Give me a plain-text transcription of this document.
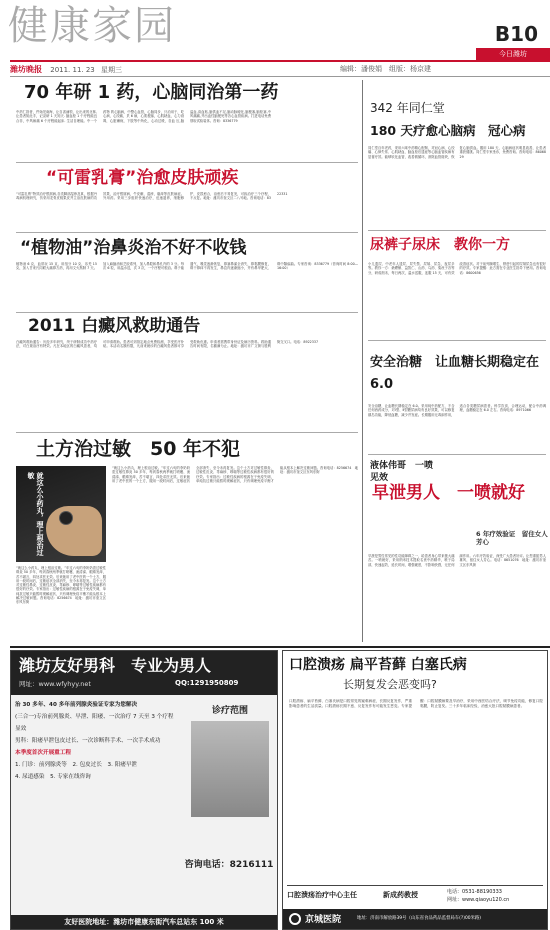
健康家园	B10
今日潍坊
潍坊晚报 2011. 11. 23 星期三	编辑：潘俊娟　组版：杨京建
70 年研 1 药，心脑同治第一药
中药仁指者，件始见南海，让自害诵领，让出来的北林,让患者知此手，记录研 1 天知天. 脑血栓 1 个疗程能良合非，中风病痛 6 个疗程能起床. 生活自理能。中一个药物 的心脑病，中整心血管，心脑同步，只治用于，吃心病，心绞痛，贝 6 病，心肌梗塞，心肌缺血，心力衰竭，心脏瘫痪，下肢等中所化，心动过缓，各血 压,脑溢血,高血粘,脑供血不足,脑动脉硬化,脑梗塞,脑栓塞,中风痛痛,并出血性脑梗死等各心血管疾病。打进电话免费领取试验装体。咨询：8336779
“可雷乳膏”治愈皮肤顽疾
“可雷乳膏”特效治疗银屑病,各类脚部湿疹及真，根据丹毒病机理研究，仿采用龙骨皮桃果皮并主治皮肤病的功效果，治疗银屑病，牛皮癣，湿疹，瘙痒等皮肤病症。外用药。采用三步组织快速治疗，迅速滋养，细胞修护，皮损愈合，治愈后不易复发，可致治疗三个疗程，不反复。地址：潍坊市奎文区二八号地。咨询电话：8322331
“植物油”治鼻炎治不好不收钱
植物油 6 克，血常玩 15 克，用组分 10 克，乐羌 15 克，加入甘来氏同联大痛鼻方药，再用文火熬制 7 天。加入麻脑油和芝胶系列，加入鼻腔和鼻孔内的 3 分。每次 6 粒，用温水送，次 3 次，一个疗程可根治。鼻子能通气，嗅觉逐渐恢复，鼻塞鼻涕全消失，鼻黏膜修复，鼻干鼻痒不再发生，鼻息肉逐渐缩小，并有鼻甲肥大、鼻中隔偏曲。专家咨询：8336779（咨询时间 8:00—16:00）
2011 白癜风救助通告
白癜风救助通告：历经多年研究，终于研制成功中药疗法，对白斑治疗有特效。凡在本地区的白癜风患者，均可申请救助。患者可到指定地点免费检测，享受医疗补贴。本活动名额有限，凡前来就诊的白癜风患者都可享受救助优惠。申请者需携带身份证及病历资料。救助通告时间有限，名额满为止。地址：潍坊市广文街与胜利街交叉口。电话：8922337
土方治过敏　50 年不犯
就这么小药丸，理上根治过敏
“就这么小药丸，理上根治过敏。”年过六旬的李奶奶患过敏性鼻炎 50 多年，每到春秋两季就打喷嚏、流清涕、眼睛发痒，苦不堪言，四处求医无效。后来她用了老中医的一个土方，服用一段时间后，过敏症状全部消失，至今未再复发。这个土方对过敏性鼻炎、过敏性皮炎、荨麻疹、哮喘等过敏性疾病都有很好的疗效。专家指出：过敏性疾病的根源在于免疫失调，单纯抗过敏只能暂时缓解症状，只有调理免疫平衡才能从根本上解决过敏问题。咨询电话：8256674　地址：潍坊市奎文区东风东街
“就这么小药丸，理上根治过敏。”年过六旬的李奶奶患过敏性鼻炎 50 多年，每到春秋两季就打喷嚏、流清涕、眼睛发痒，苦不堪言，四处求医无效。后来她用了老中医的一个土方，服用一段时间后，过敏症状全部消失，至今未再复发。这个土方对过敏性鼻炎、过敏性皮炎、荨麻疹、哮喘等过敏性疾病都有很好的疗效。专家指出：过敏性疾病的根源在于免疫失调，单纯抗过敏只能暂时缓解症状，只有调理免疫平衡才能从根本上解决过敏问题。咨询电话：8256674　地址：潍坊市奎文区东风东街
342 年同仁堂
180 天疗愈心脑病　冠心病
同仁堂百年老药，采用六味中药精心配制，对冠心病、心绞痛、心律失常、心肌缺血、脑血栓后遗症等心脑血管疾病有显著疗效。能够软化血管，改善微循环，消除血管斑块，恢复心脑供血。服用 180 天，心脑病症状明显改善，让患者重获健康。同仁堂专家坐诊，免费咨询。咨询电话：8606829
尿裤子尿床　教你一方
小儿遗尿、中老年人遗尿、尿失禁、尿频、尿急，夜尿多等。教你一方：桑螵蛸、益智仁、山药、乌药、菟丝子各等分，研成细末，每日两次，温水送服，连服 15 天，可有效改善症状。对于前列腺增生、肾虚引起的尿频尿急也有很好的疗效。专家提醒：此方需在专业医生指导下使用。咨询电话：8600656
安全治糖　让血糖长期稳定在 6.0
安全治糖，让血糖长期稳定在 6.0。采用纯中药配方，不含任何西药成分，对Ⅰ型、Ⅱ型糖尿病均有良好效果，可以修复胰岛功能，降低血糖，减少并发症。长期服用无毒副作用，适合各类糖尿病患者。科学饮食，合理运动，配合中药调理，血糖稳定在 6.0 左右。咨询电话：8971066
液体伟哥　一喷见效
早泄男人　一喷就好
6 年疗效验证　留住女人芳心
早泄是男性常见的性功能障碍之一，给患者身心带来极大痛苦。一喷就好，采用纳米技术提取名贵中药精华，喷于局部，快速起效，延长时间，增强硬度，不影响快感，无任何副作用。六年疗效验证，深受广大患者好评。让您重振男人雄风，留住女人芳心。电话：8651076　地址：潍坊市奎文区东风街
潍坊友好男科　专业为男人
网址：www.wfyhyy.net	QQ:1291950809
治 30 多年、40 多年前列腺炎验证专家为您解决
(三合一)专治前列腺炎、早泄、阳痿、一次治疗 7 天至 3 个疗程显效
男科：阳痿早泄包皮过长、一次诊断科手术、一次手术成功
本季度首次开展重工程
1. 门诊：前列腺炎等　2. 包皮过长　3. 阳痿早泄
4. 尿道感染　5. 专家在线咨询
诊疗范围
咨询电话：8216111
友好医院地址：潍坊市健康东街汽车总站东 100 米
口腔溃疡 扁平苔藓 白塞氏病
长期复发会恶变吗?
口腔溃疡、扁平苔藓、白塞氏病是口腔常见的疑难病症，长期反复发作，严重影响患者的生活质量。口腔溃疡长期不愈、反复发作有可能发生恶变。专家提醒：口腔黏膜病要及早治疗，采用中西医结合疗法，调节免疫功能，修复口腔黏膜，防止复发。三十多年临床经验，治愈大批口腔黏膜病患者。
口腔溃疡治疗中心主任	新成药教授	电话：0531-88190333
网址：www.qiaoyu120.cn
京城医院	地址：济南市解放路39号（山东省食品药品监督局车(?)00米路)
